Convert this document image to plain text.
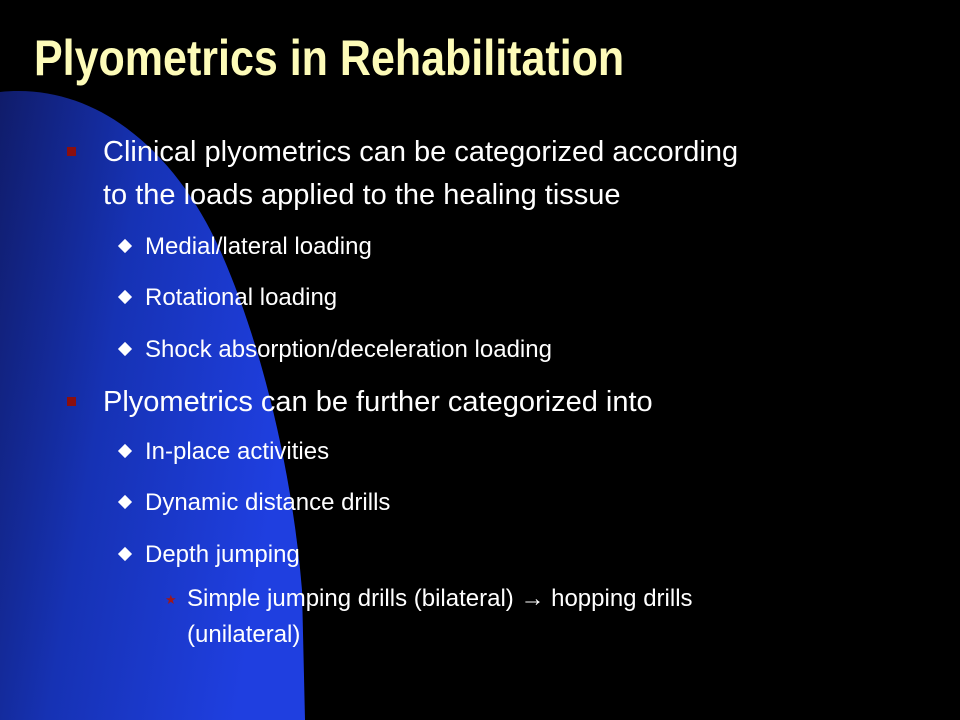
Plyometrics in Rehabilitation
Clinical plyometrics can be categorized according
to the loads applied to the healing tissue
Medial/lateral loading
Rotational loading
Shock absorption/deceleration loading
Plyometrics can be further categorized into
In-place activities
Dynamic distance drills
Depth jumping
★ Simple jumping drills (bilateral) → hopping drills
(unilateral)
